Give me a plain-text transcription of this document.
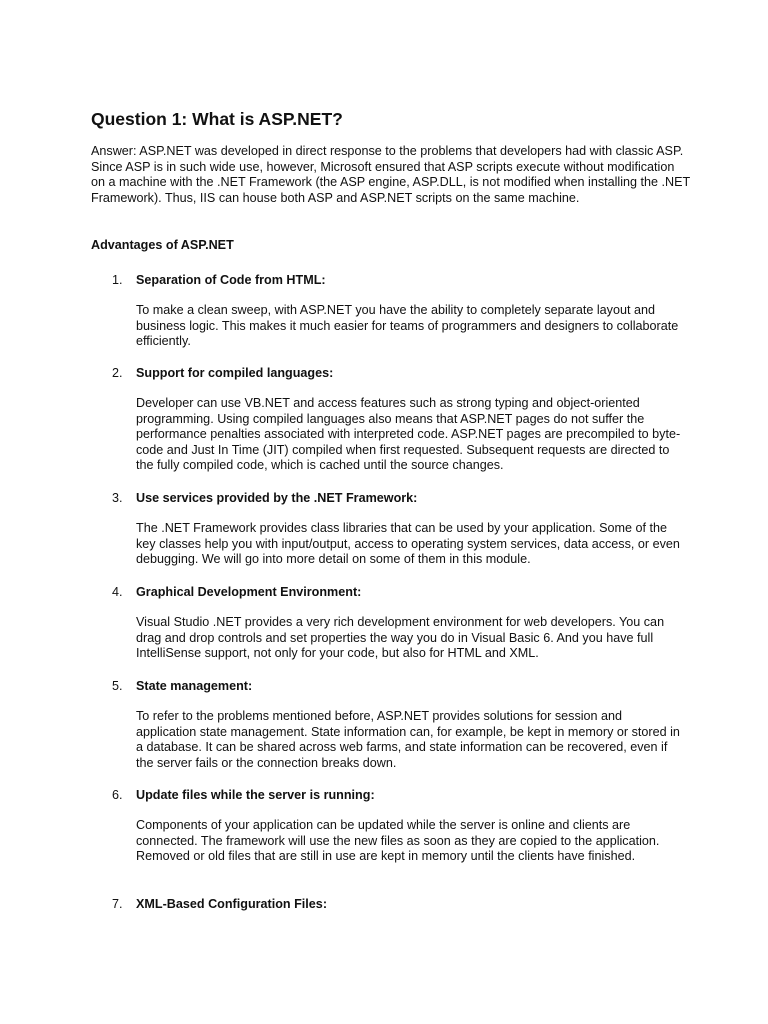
Question 1: What is ASP.NET?

Answer: ASP.NET was developed in direct response to the problems that developers had with classic ASP. Since ASP is in such wide use, however, Microsoft ensured that ASP scripts execute without modification on a machine with the .NET Framework (the ASP engine, ASP.DLL, is not modified when installing the .NET Framework). Thus, IIS can house both ASP and ASP.NET scripts on the same machine.

Advantages of ASP.NET
1. Separation of Code from HTML:

To make a clean sweep, with ASP.NET you have the ability to completely separate layout and business logic. This makes it much easier for teams of programmers and designers to collaborate efficiently.

2. Support for compiled languages:

Developer can use VB.NET and access features such as strong typing and object-oriented programming. Using compiled languages also means that ASP.NET pages do not suffer the performance penalties associated with interpreted code. ASP.NET pages are precompiled to byte-code and Just In Time (JIT) compiled when first requested. Subsequent requests are directed to the fully compiled code, which is cached until the source changes.

3. Use services provided by the .NET Framework:

The .NET Framework provides class libraries that can be used by your application. Some of the key classes help you with input/output, access to operating system services, data access, or even debugging. We will go into more detail on some of them in this module.

4. Graphical Development Environment:

Visual Studio .NET provides a very rich development environment for web developers. You can drag and drop controls and set properties the way you do in Visual Basic 6. And you have full IntelliSense support, not only for your code, but also for HTML and XML.

5. State management:

To refer to the problems mentioned before, ASP.NET provides solutions for session and application state management. State information can, for example, be kept in memory or stored in a database. It can be shared across web farms, and state information can be recovered, even if the server fails or the connection breaks down.

6. Update files while the server is running:

Components of your application can be updated while the server is online and clients are connected. The framework will use the new files as soon as they are copied to the application. Removed or old files that are still in use are kept in memory until the clients have finished.

7. XML-Based Configuration Files:
